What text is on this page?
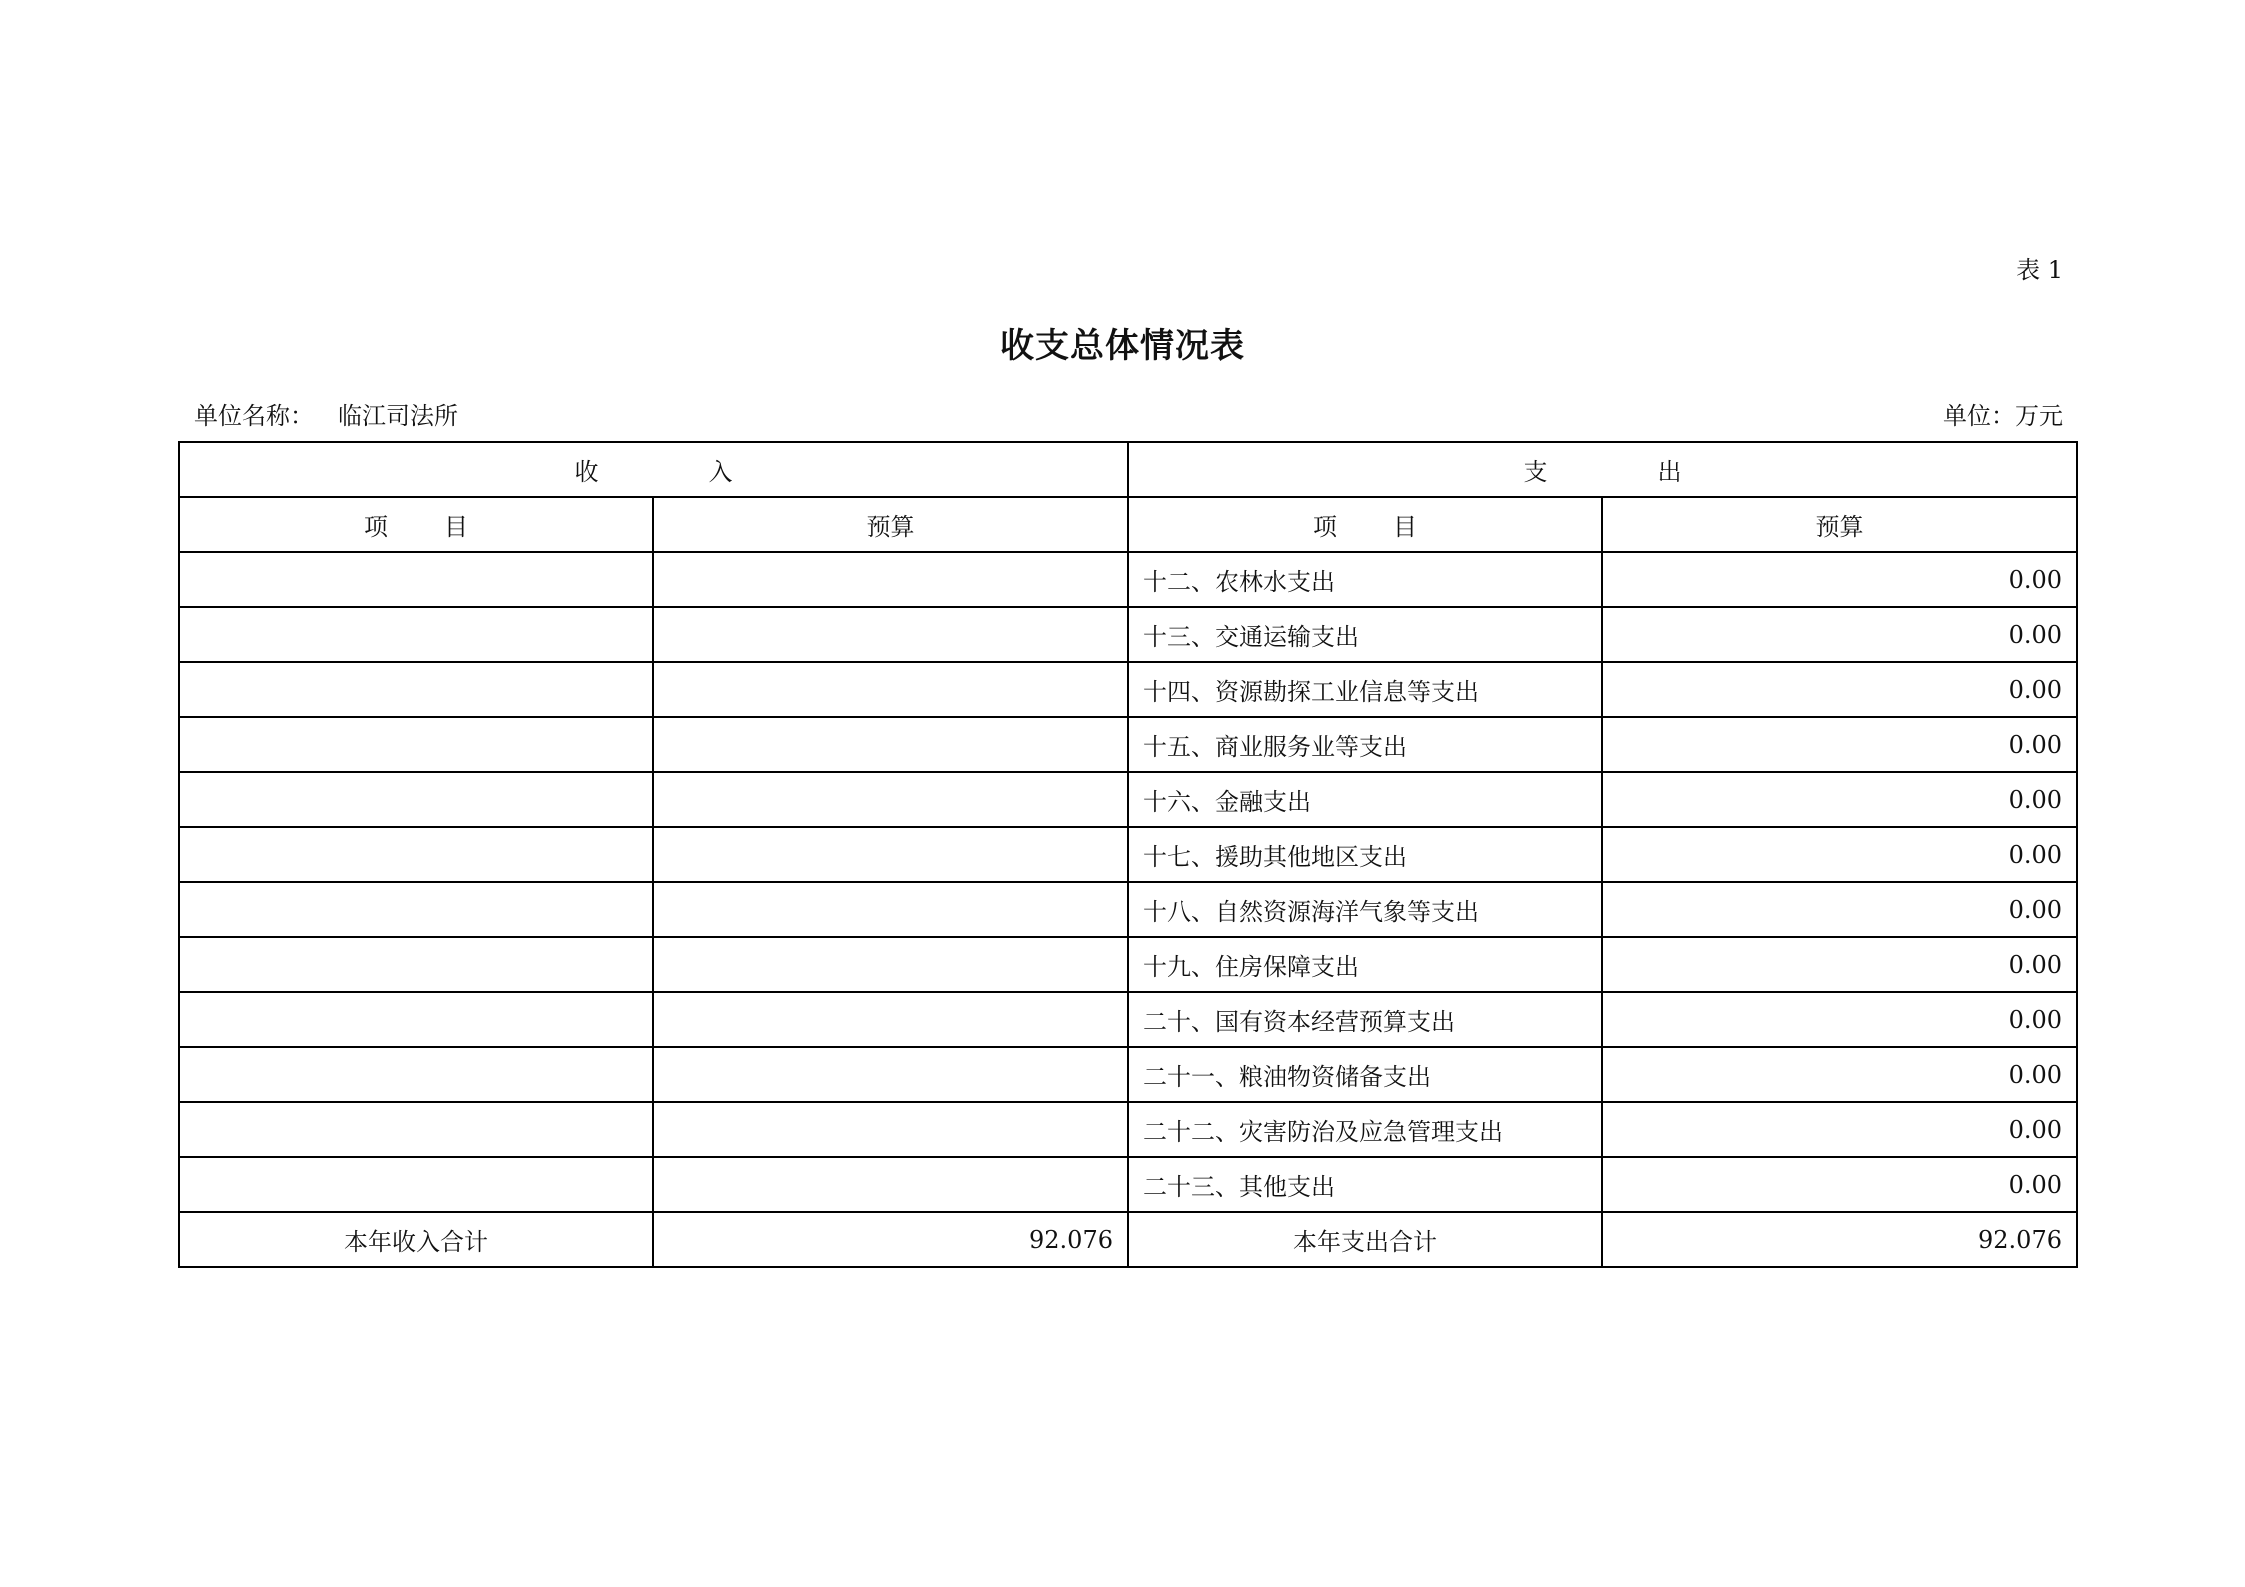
表 1
收支总体情况表
单位名称： 临江司法所	单位：万元
收 入		支 出	
项 目	预算	项 目	预算
		十二、农林水支出	0.00
		十三、交通运输支出	0.00
		十四、资源勘探工业信息等支出	0.00
		十五、商业服务业等支出	0.00
		十六、金融支出	0.00
		十七、援助其他地区支出	0.00
		十八、自然资源海洋气象等支出	0.00
		十九、住房保障支出	0.00
		二十、国有资本经营预算支出	0.00
		二十一、粮油物资储备支出	0.00
		二十二、灾害防治及应急管理支出	0.00
		二十三、其他支出	0.00
本年收入合计	92.076	本年支出合计	92.076
